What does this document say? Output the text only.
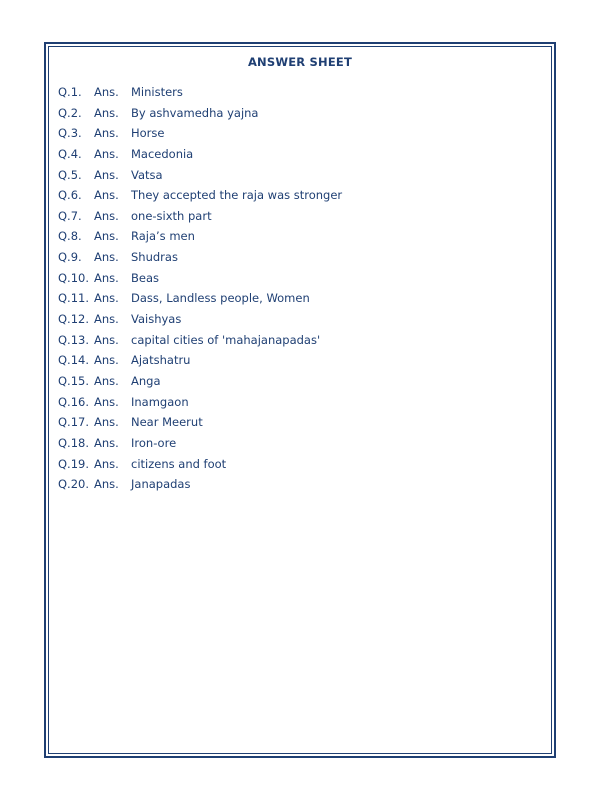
ANSWER SHEET
Q.1. Ans. Ministers
Q.2. Ans. By ashvamedha yajna
Q.3. Ans. Horse
Q.4. Ans. Macedonia
Q.5. Ans. Vatsa
Q.6. Ans. They accepted the raja was stronger
Q.7. Ans. one-sixth part
Q.8. Ans. Raja’s men
Q.9. Ans. Shudras
Q.10. Ans. Beas
Q.11. Ans. Dass, Landless people, Women
Q.12. Ans. Vaishyas
Q.13. Ans. capital cities of 'mahajanapadas'
Q.14. Ans. Ajatshatru
Q.15. Ans. Anga
Q.16. Ans. Inamgaon
Q.17. Ans. Near Meerut
Q.18. Ans. Iron-ore
Q.19. Ans. citizens and foot
Q.20. Ans. Janapadas
